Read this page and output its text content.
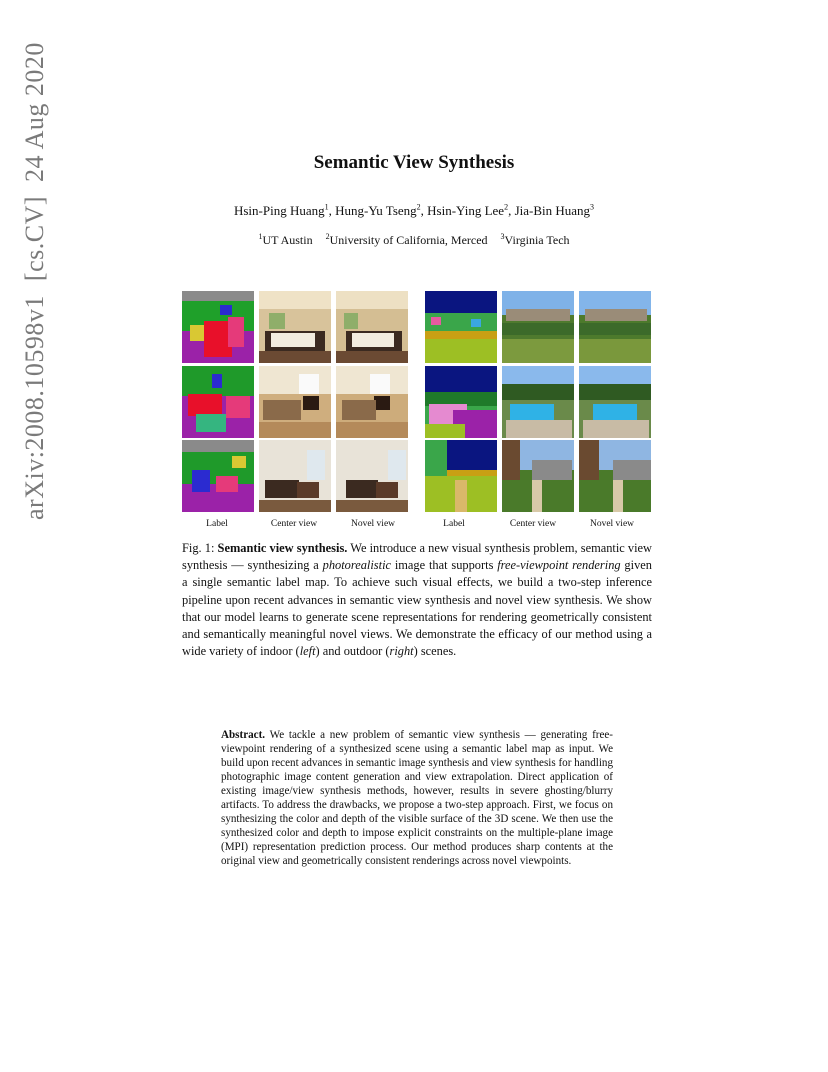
arXiv:2008.10598v1[cs.CV]24 Aug 2020	Semantic View Synthesis
Hsin-Ping Huang$^1$, Hung-Yu Tseng$^2$, Hsin-Ying Lee$^2$, Jia-Bin Huang$^3$
$^1$UT Austin $^2$University of California, Merced $^3$Virginia Tech
Label	Center view	Novel view	Label	Center view	Novel view
Fig. 1: Semantic view synthesis. We introduce a new visual synthesis problem, semantic view synthesis — synthesizing a photorealistic image that supports free-viewpoint rendering given a single semantic label map. To achieve such visual effects, we build a two-step inference pipeline upon recent advances in semantic view synthesis and novel view synthesis. We show that our model learns to generate scene representations for rendering geometrically consistent and semantically meaningful novel views. We demonstrate the efficacy of our method using a wide variety of indoor (left) and outdoor (right) scenes.
Abstract. We tackle a new problem of semantic view synthesis — generating free-viewpoint rendering of a synthesized scene using a semantic label map as input. We build upon recent advances in semantic image synthesis and view synthesis for handling photographic image content generation and view extrapolation. Direct application of existing image/view synthesis methods, however, results in severe ghosting/blurry artifacts. To address the drawbacks, we propose a two-step approach. First, we focus on synthesizing the color and depth of the visible surface of the 3D scene. We then use the synthesized color and depth to impose explicit constraints on the multiple-plane image (MPI) representation prediction process. Our method produces sharp contents at the original view and geometrically consistent renderings across novel viewpoints.
